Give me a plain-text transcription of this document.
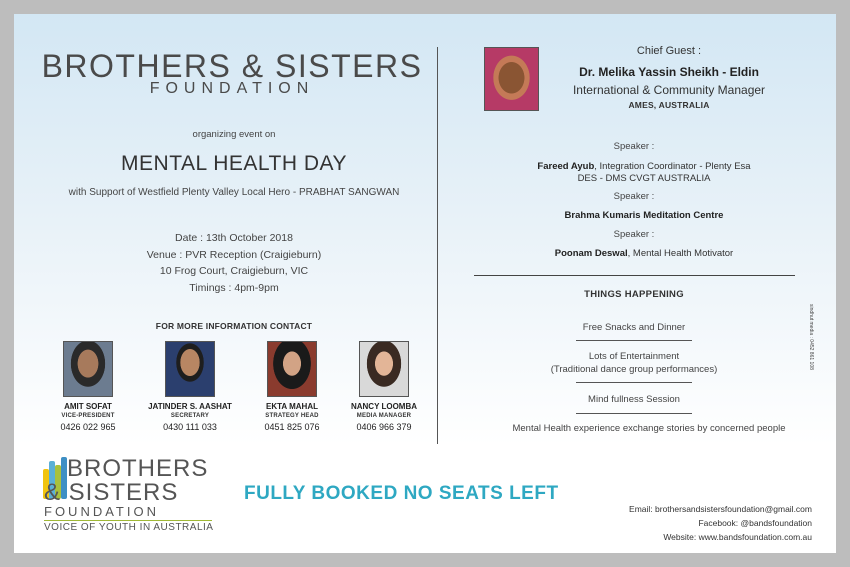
BROTHERS & SISTERS
FOUNDATION
organizing event on
MENTAL HEALTH DAY
with Support of Westfield Plenty Valley Local Hero - PRABHAT SANGWAN
Date : 13th October 2018
Venue : PVR Reception (Craigieburn)
10 Frog Court, Craigieburn, VIC
Timings : 4pm-9pm
FOR MORE INFORMATION CONTACT
AMIT SOFAT
VICE-PRESIDENT
0426 022 965
JATINDER S. AASHAT
SECRETARY
0430 111 033
EKTA MAHAL
STRATEGY HEAD
0451 825 076
NANCY LOOMBA
MEDIA MANAGER
0406 966 379
Chief Guest :
Dr. Melika Yassin Sheikh - Eldin
International & Community Manager
AMES, AUSTRALIA
Speaker :
Fareed Ayub, Integration Coordinator - Plenty Esa
DES - DMS CVGT AUSTRALIA
Speaker :
Brahma Kumaris Meditation Centre
Speaker :
Poonam Deswal, Mental Health Motivator
THINGS HAPPENING
Free Snacks and Dinner
Lots of Entertainment
(Traditional dance group performances)
Mind fullness Session
Mental Health experience exchange stories by concerned people
BROTHERS
& SISTERS
FOUNDATION
VOICE OF YOUTH IN AUSTRALIA
FULLY BOOKED NO SEATS LEFT
Email: brothersandsistersfoundation@gmail.com
Facebook: @bandsfoundation
Website: www.bandsfoundation.com.au
sindhut media : 0452 861 108
